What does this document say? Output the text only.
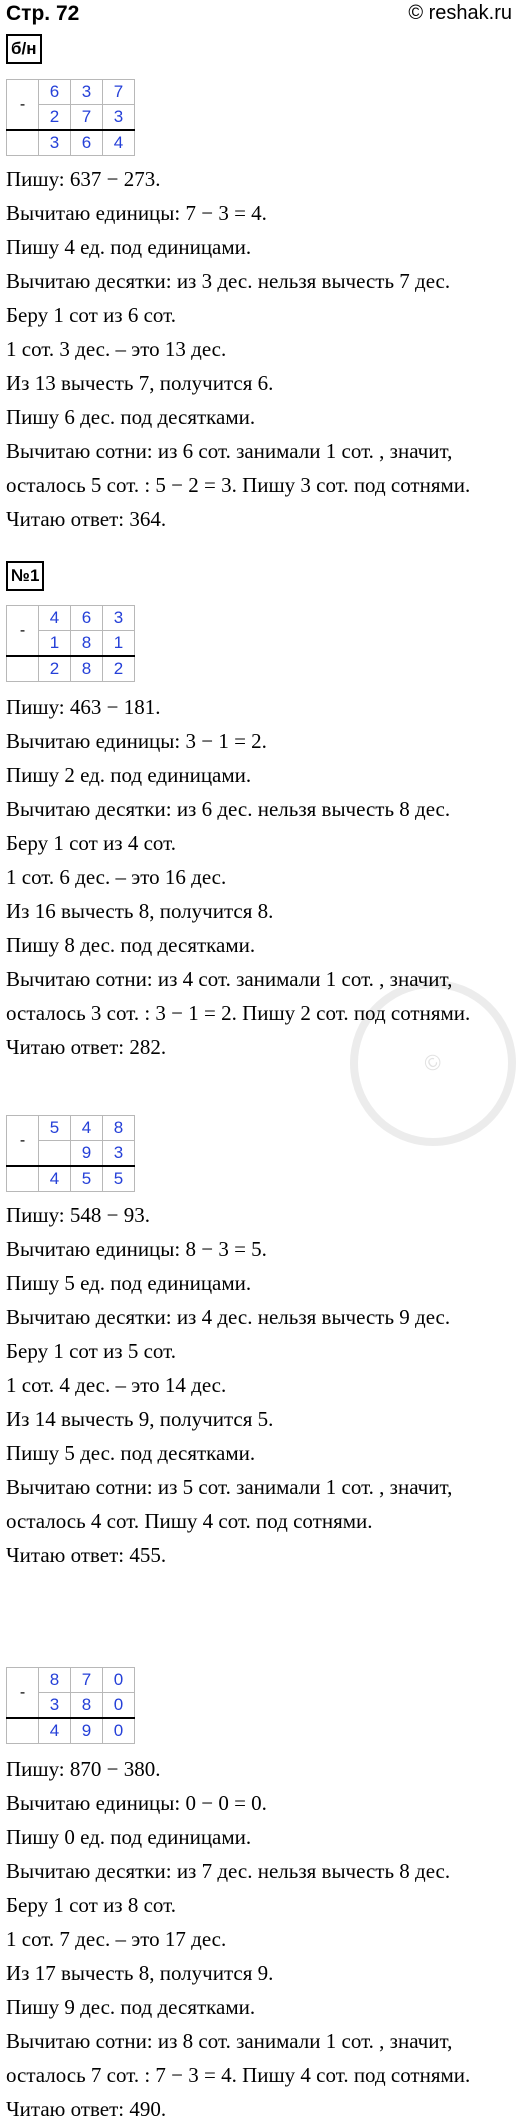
Стр. 72	© reshak.ru
©
б/н
-	6	3	7
	2	7	3
	3	6	4
Пишу: 637 − 273.
Вычитаю единицы: 7 − 3 = 4.
Пишу 4 ед. под единицами.
Вычитаю десятки: из 3 дес. нельзя вычесть 7 дес.
Беру 1 сот из 6 сот.
1 сот. 3 дес. – это 13 дес.
Из 13 вычесть 7, получится 6.
Пишу 6 дес. под десятками.
Вычитаю сотни: из 6 сот. занимали 1 сот. , значит,
осталось 5 сот. : 5 − 2 = 3. Пишу 3 сот. под сотнями.
Читаю ответ: 364.
№1
-	4	6	3
	1	8	1
	2	8	2
Пишу: 463 − 181.
Вычитаю единицы: 3 − 1 = 2.
Пишу 2 ед. под единицами.
Вычитаю десятки: из 6 дес. нельзя вычесть 8 дес.
Беру 1 сот из 4 сот.
1 сот. 6 дес. – это 16 дес.
Из 16 вычесть 8, получится 8.
Пишу 8 дес. под десятками.
Вычитаю сотни: из 4 сот. занимали 1 сот. , значит,
осталось 3 сот. : 3 − 1 = 2. Пишу 2 сот. под сотнями.
Читаю ответ: 282.
-	5	4	8
		9	3
	4	5	5
Пишу: 548 − 93.
Вычитаю единицы: 8 − 3 = 5.
Пишу 5 ед. под единицами.
Вычитаю десятки: из 4 дес. нельзя вычесть 9 дес.
Беру 1 сот из 5 сот.
1 сот. 4 дес. – это 14 дес.
Из 14 вычесть 9, получится 5.
Пишу 5 дес. под десятками.
Вычитаю сотни: из 5 сот. занимали 1 сот. , значит,
осталось 4 сот. Пишу 4 сот. под сотнями.
Читаю ответ: 455.
-	8	7	0
	3	8	0
	4	9	0
Пишу: 870 − 380.
Вычитаю единицы: 0 − 0 = 0.
Пишу 0 ед. под единицами.
Вычитаю десятки: из 7 дес. нельзя вычесть 8 дес.
Беру 1 сот из 8 сот.
1 сот. 7 дес. – это 17 дес.
Из 17 вычесть 8, получится 9.
Пишу 9 дес. под десятками.
Вычитаю сотни: из 8 сот. занимали 1 сот. , значит,
осталось 7 сот. : 7 − 3 = 4. Пишу 4 сот. под сотнями.
Читаю ответ: 490.
